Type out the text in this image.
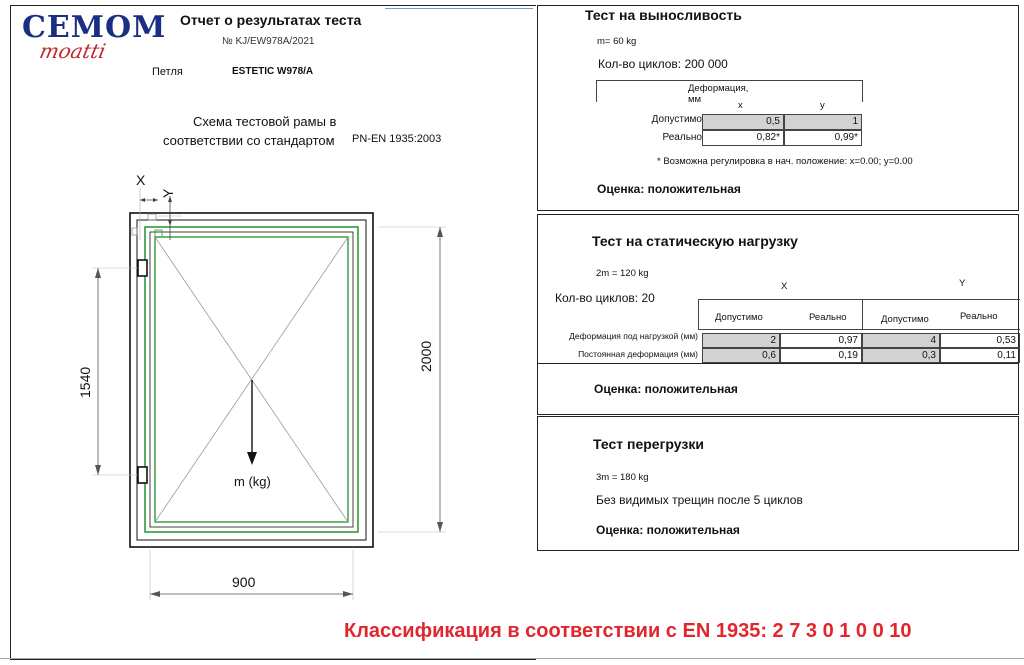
CEMOM
moatti
Отчет о результатах теста
№ KJ/EW978A/2021
Петля	ESTETIC W978/A
Схема тестовой рамы в
соответствии со стандартом PN-EN 1935:2003
X
Y
2000
1540
900
m (kg)
Тест на выносливость
m= 60 kg
Кол-во циклов: 200 000
Деформация, мм
x	y
Допустимо	0,5	1
Реально	0,82*	0,99*
* Возможна регулировка в нач. положение: x=0.00; y=0.00
Оценка: положительная
Тест на статическую нагрузку
2m = 120 kg
Кол-во циклов: 20
X	Y
Допустимо	Реально	Допустимо	Реально
Деформация под нагрузкой (мм)	2	0,97	4	0,53
Постоянная деформация (мм)	0,6	0,19	0,3	0,11
Оценка: положительная
Тест перегрузки
3m = 180 kg
Без видимых трещин после 5 циклов
Оценка: положительная
Классификация в соответствии с EN 1935: 2 7 3 0 1 0 0 10
